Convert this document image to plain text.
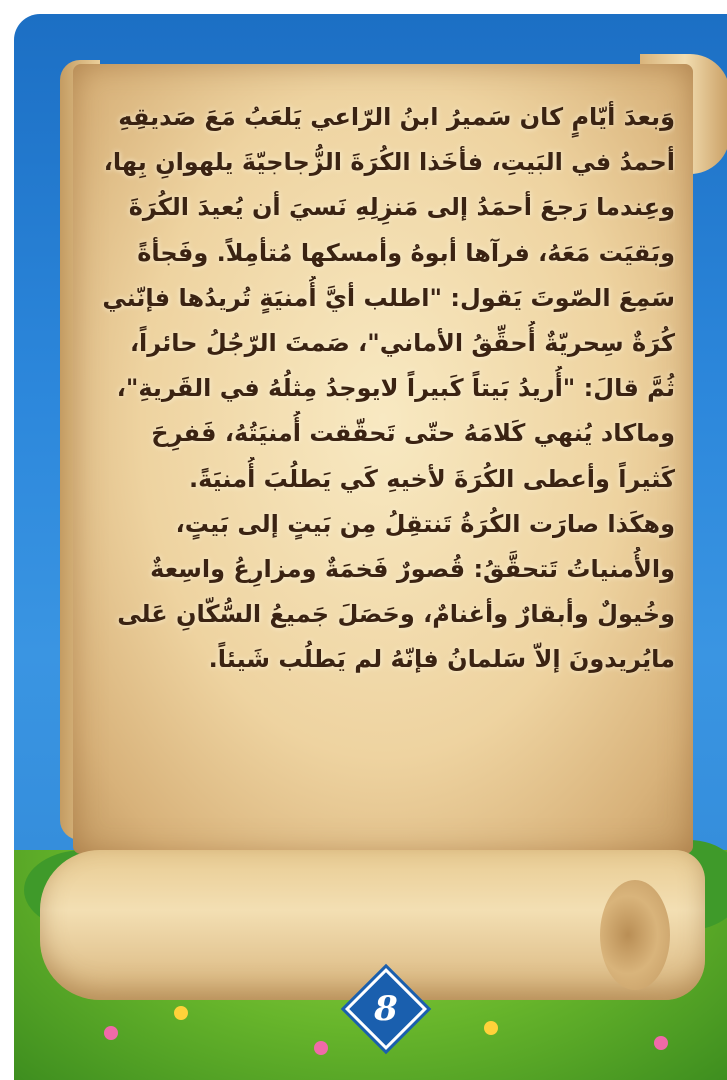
وَبعدَ أيّامٍ كان سَميرُ ابنُ الرّاعي يَلعَبُ مَعَ صَديقِهِ
أحمدُ في البَيتِ، فأخَذا الكُرَةَ الزُّجاجيّةَ يلهوانِ بِها،
وعِندما رَجعَ أحمَدُ إلى مَنزِلِهِ نَسيَ أن يُعيدَ الكُرَةَ
وبَقيَت مَعَهُ، فرآها أبوهُ وأمسكها مُتأمِلاً. وفَجأةً
سَمِعَ الصّوتَ يَقول: "اطلب أيَّ أُمنيَةٍ تُريدُها فإنّني
كُرَةٌ سِحريّةٌ أُحقِّقُ الأماني"، صَمتَ الرّجُلُ حائراً،
ثُمَّ قالَ: "أُريدُ بَيتاً كَبيراً لايوجدُ مِثلُهُ في القَريةِ"،
وماكاد يُنهي كَلامَهُ حتّى تَحقّقت أُمنيَتُهُ، فَفرِحَ
كَثيراً وأعطى الكُرَةَ لأخيهِ كَي يَطلُبَ أُمنيَةً.
وهكَذا صارَت الكُرَةُ تَنتقِلُ مِن بَيتٍ إلى بَيتٍ،
والأُمنياتُ تَتحقَّقُ: قُصورٌ فَخمَةٌ ومزارِعُ واسِعةٌ
وخُيولٌ وأبقارٌ وأغنامٌ، وحَصَلَ جَميعُ السُّكّانِ عَلى
مايُريدونَ إلاّ سَلمانُ فإنّهُ لم يَطلُب شَيئاً.
8
